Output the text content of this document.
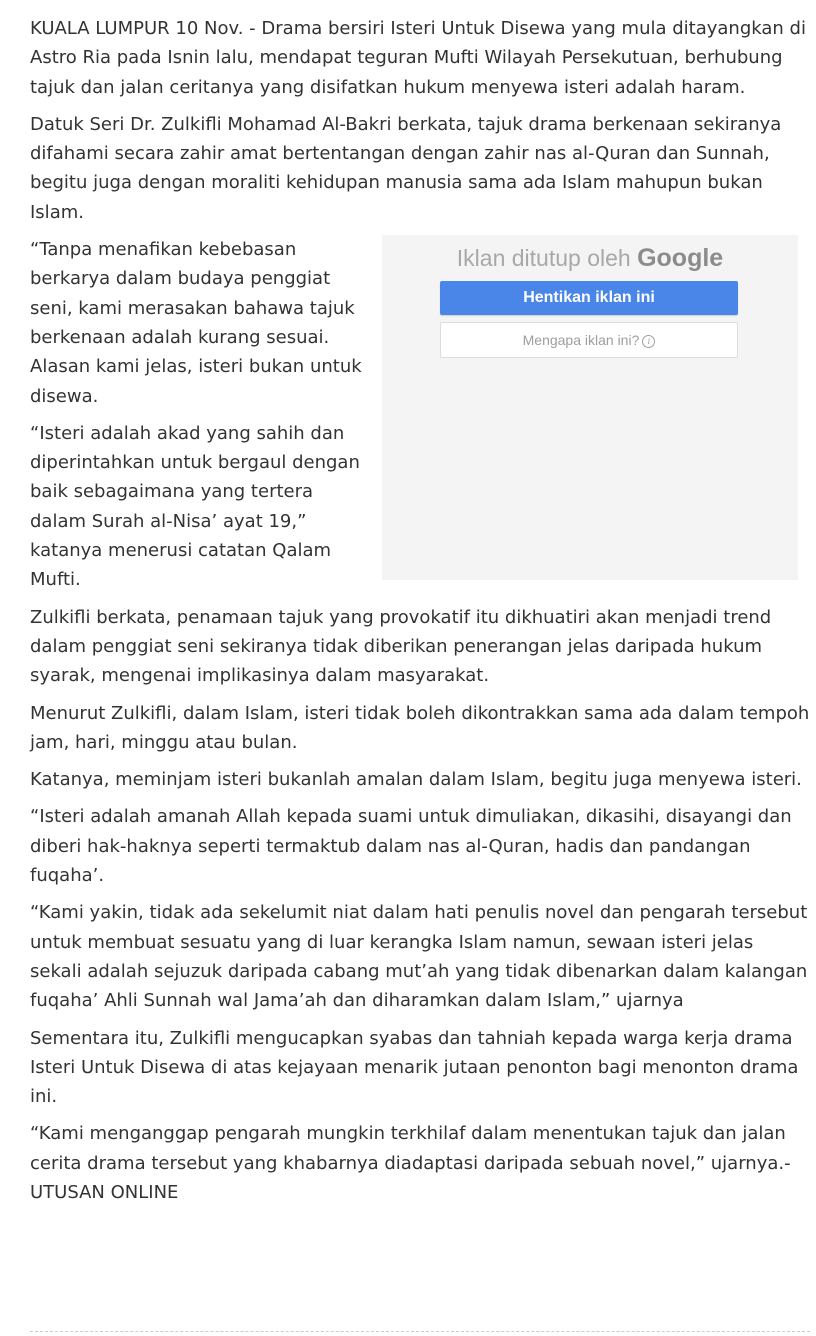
KUALA LUMPUR 10 Nov. - Drama bersiri Isteri Untuk Disewa yang mula ditayangkan di Astro Ria pada Isnin lalu, mendapat teguran Mufti Wilayah Persekutuan, berhubung tajuk dan jalan ceritanya yang disifatkan hukum menyewa isteri adalah haram.

Datuk Seri Dr. Zulkifli Mohamad Al-Bakri berkata, tajuk drama berkenaan sekiranya difahami secara zahir amat bertentangan dengan zahir nas al-Quran dan Sunnah, begitu juga dengan moraliti kehidupan manusia sama ada Islam mahupun bukan Islam.

Iklan ditutup oleh Google
Hentikan iklan ini
Mengapa iklan ini? i

“Tanpa menafikan kebebasan berkarya dalam budaya penggiat seni, kami merasakan bahawa tajuk berkenaan adalah kurang sesuai. Alasan kami jelas, isteri bukan untuk disewa.

“Isteri adalah akad yang sahih dan diperintahkan untuk bergaul dengan baik sebagaimana yang tertera dalam Surah al-Nisa’ ayat 19,” katanya menerusi catatan Qalam Mufti.

Zulkifli berkata, penamaan tajuk yang provokatif itu dikhuatiri akan menjadi trend dalam penggiat seni sekiranya tidak diberikan penerangan jelas daripada hukum syarak, mengenai implikasinya dalam masyarakat.

Menurut Zulkifli, dalam Islam, isteri tidak boleh dikontrakkan sama ada dalam tempoh jam, hari, minggu atau bulan.

Katanya, meminjam isteri bukanlah amalan dalam Islam, begitu juga menyewa isteri.

“Isteri adalah amanah Allah kepada suami untuk dimuliakan, dikasihi, disayangi dan diberi hak-haknya seperti termaktub dalam nas al-Quran, hadis dan pandangan fuqaha’.

“Kami yakin, tidak ada sekelumit niat dalam hati penulis novel dan pengarah tersebut untuk membuat sesuatu yang di luar kerangka Islam namun, sewaan isteri jelas sekali adalah sejuzuk daripada cabang mut’ah yang tidak dibenarkan dalam kalangan fuqaha’ Ahli Sunnah wal Jama’ah dan diharamkan dalam Islam,” ujarnya

Sementara itu, Zulkifli mengucapkan syabas dan tahniah kepada warga kerja drama Isteri Untuk Disewa di atas kejayaan menarik jutaan penonton bagi menonton drama ini.

“Kami menganggap pengarah mungkin terkhilaf dalam menentukan tajuk dan jalan cerita drama tersebut yang khabarnya diadaptasi daripada sebuah novel,” ujarnya.-UTUSAN ONLINE
